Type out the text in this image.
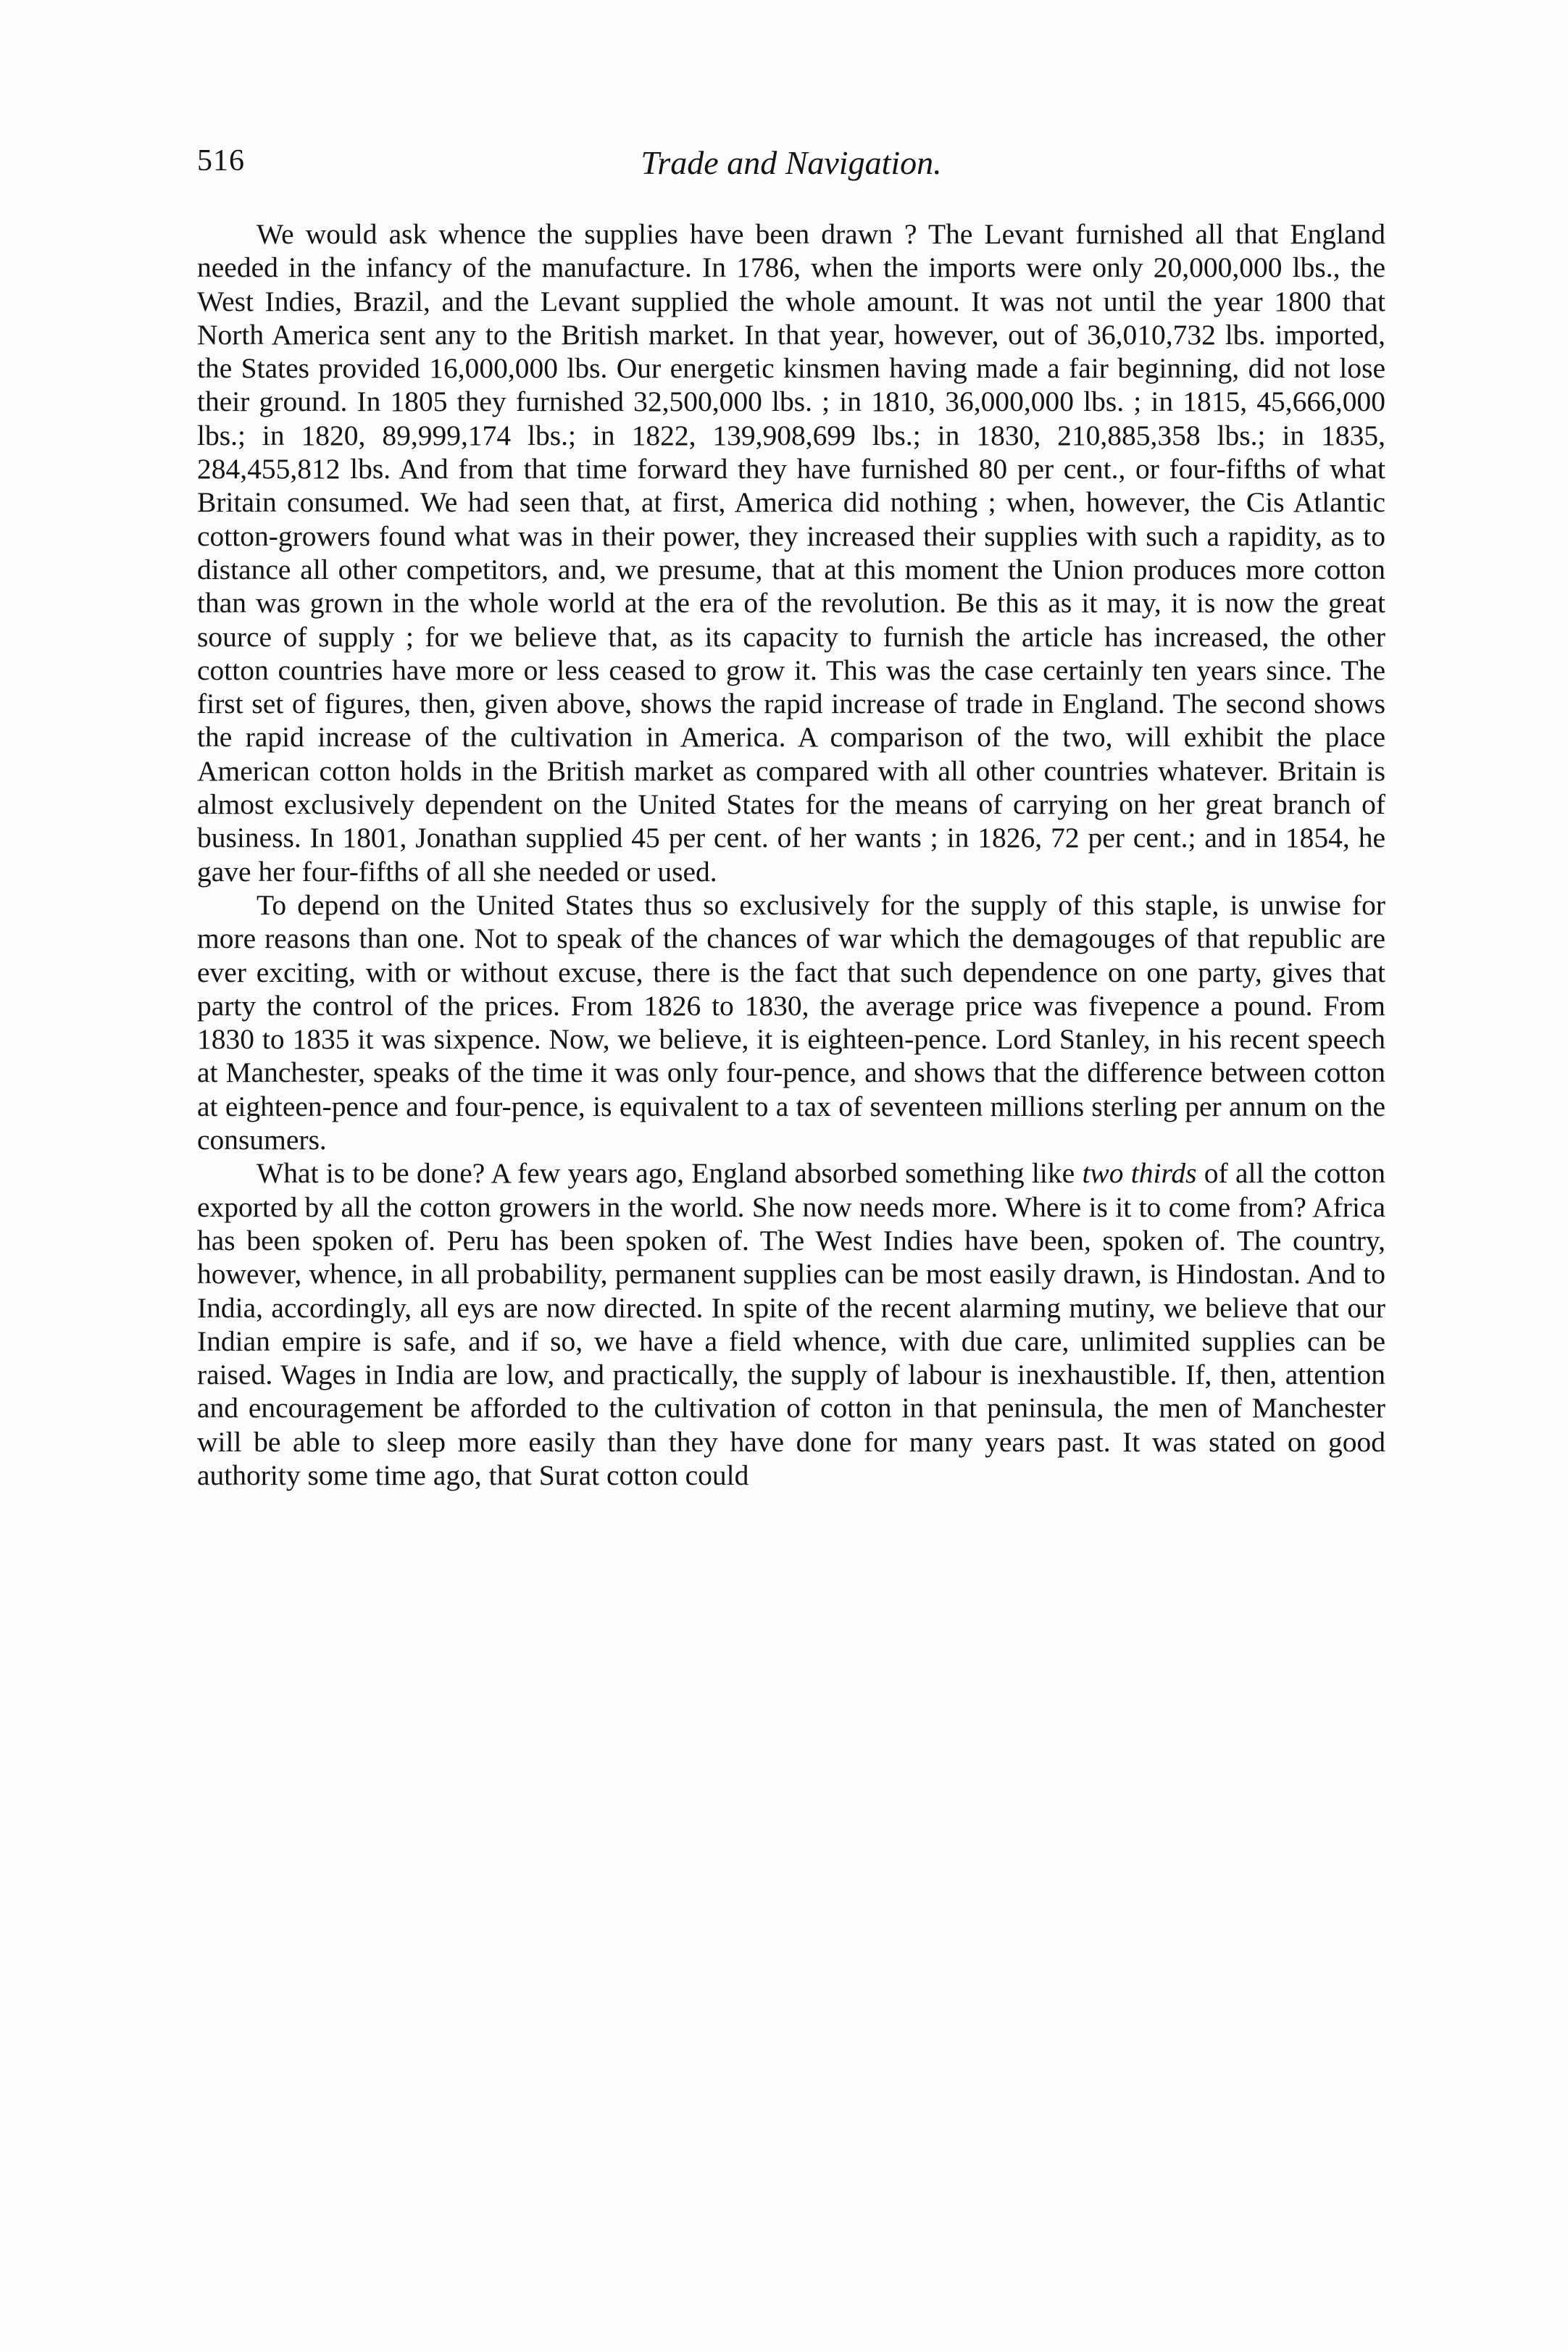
516	Trade and Navigation.

We would ask whence the supplies have been drawn ? The Levant furnished all that England needed in the infancy of the manufacture. In 1786, when the imports were only 20,000,000 lbs., the West Indies, Brazil, and the Levant supplied the whole amount. It was not until the year 1800 that North America sent any to the British market. In that year, however, out of 36,010,732 lbs. imported, the States provided 16,000,000 lbs. Our energetic kinsmen having made a fair beginning, did not lose their ground. In 1805 they furnished 32,500,000 lbs. ; in 1810, 36,000,000 lbs. ; in 1815, 45,666,000 lbs.; in 1820, 89,999,174 lbs.; in 1822, 139,908,699 lbs.; in 1830, 210,885,358 lbs.; in 1835, 284,455,812 lbs. And from that time forward they have furnished 80 per cent., or four-fifths of what Britain consumed. We had seen that, at first, America did nothing ; when, however, the Cis Atlantic cotton-growers found what was in their power, they increased their supplies with such a rapidity, as to distance all other competitors, and, we presume, that at this moment the Union produces more cotton than was grown in the whole world at the era of the revolution. Be this as it may, it is now the great source of supply ; for we believe that, as its capacity to furnish the article has increased, the other cotton countries have more or less ceased to grow it. This was the case certainly ten years since. The first set of figures, then, given above, shows the rapid increase of trade in England. The second shows the rapid increase of the cultivation in America. A comparison of the two, will exhibit the place American cotton holds in the British market as compared with all other countries whatever. Britain is almost exclusively dependent on the United States for the means of carrying on her great branch of business. In 1801, Jonathan supplied 45 per cent. of her wants ; in 1826, 72 per cent.; and in 1854, he gave her four-fifths of all she needed or used.

To depend on the United States thus so exclusively for the supply of this staple, is unwise for more reasons than one. Not to speak of the chances of war which the demagouges of that republic are ever exciting, with or without excuse, there is the fact that such dependence on one party, gives that party the control of the prices. From 1826 to 1830, the average price was fivepence a pound. From 1830 to 1835 it was sixpence. Now, we believe, it is eighteen-pence. Lord Stanley, in his recent speech at Manchester, speaks of the time it was only four-pence, and shows that the difference between cotton at eighteen-pence and four-pence, is equivalent to a tax of seventeen millions sterling per annum on the consumers.

What is to be done? A few years ago, England absorbed something like two thirds of all the cotton exported by all the cotton growers in the world. She now needs more. Where is it to come from? Africa has been spoken of. Peru has been spoken of. The West Indies have been, spoken of. The country, however, whence, in all probability, permanent supplies can be most easily drawn, is Hindostan. And to India, accordingly, all eys are now directed. In spite of the recent alarming mutiny, we believe that our Indian empire is safe, and if so, we have a field whence, with due care, unlimited supplies can be raised. Wages in India are low, and practically, the supply of labour is inexhaustible. If, then, attention and encouragement be afforded to the cultivation of cotton in that peninsula, the men of Manchester will be able to sleep more easily than they have done for many years past. It was stated on good authority some time ago, that Surat cotton could
